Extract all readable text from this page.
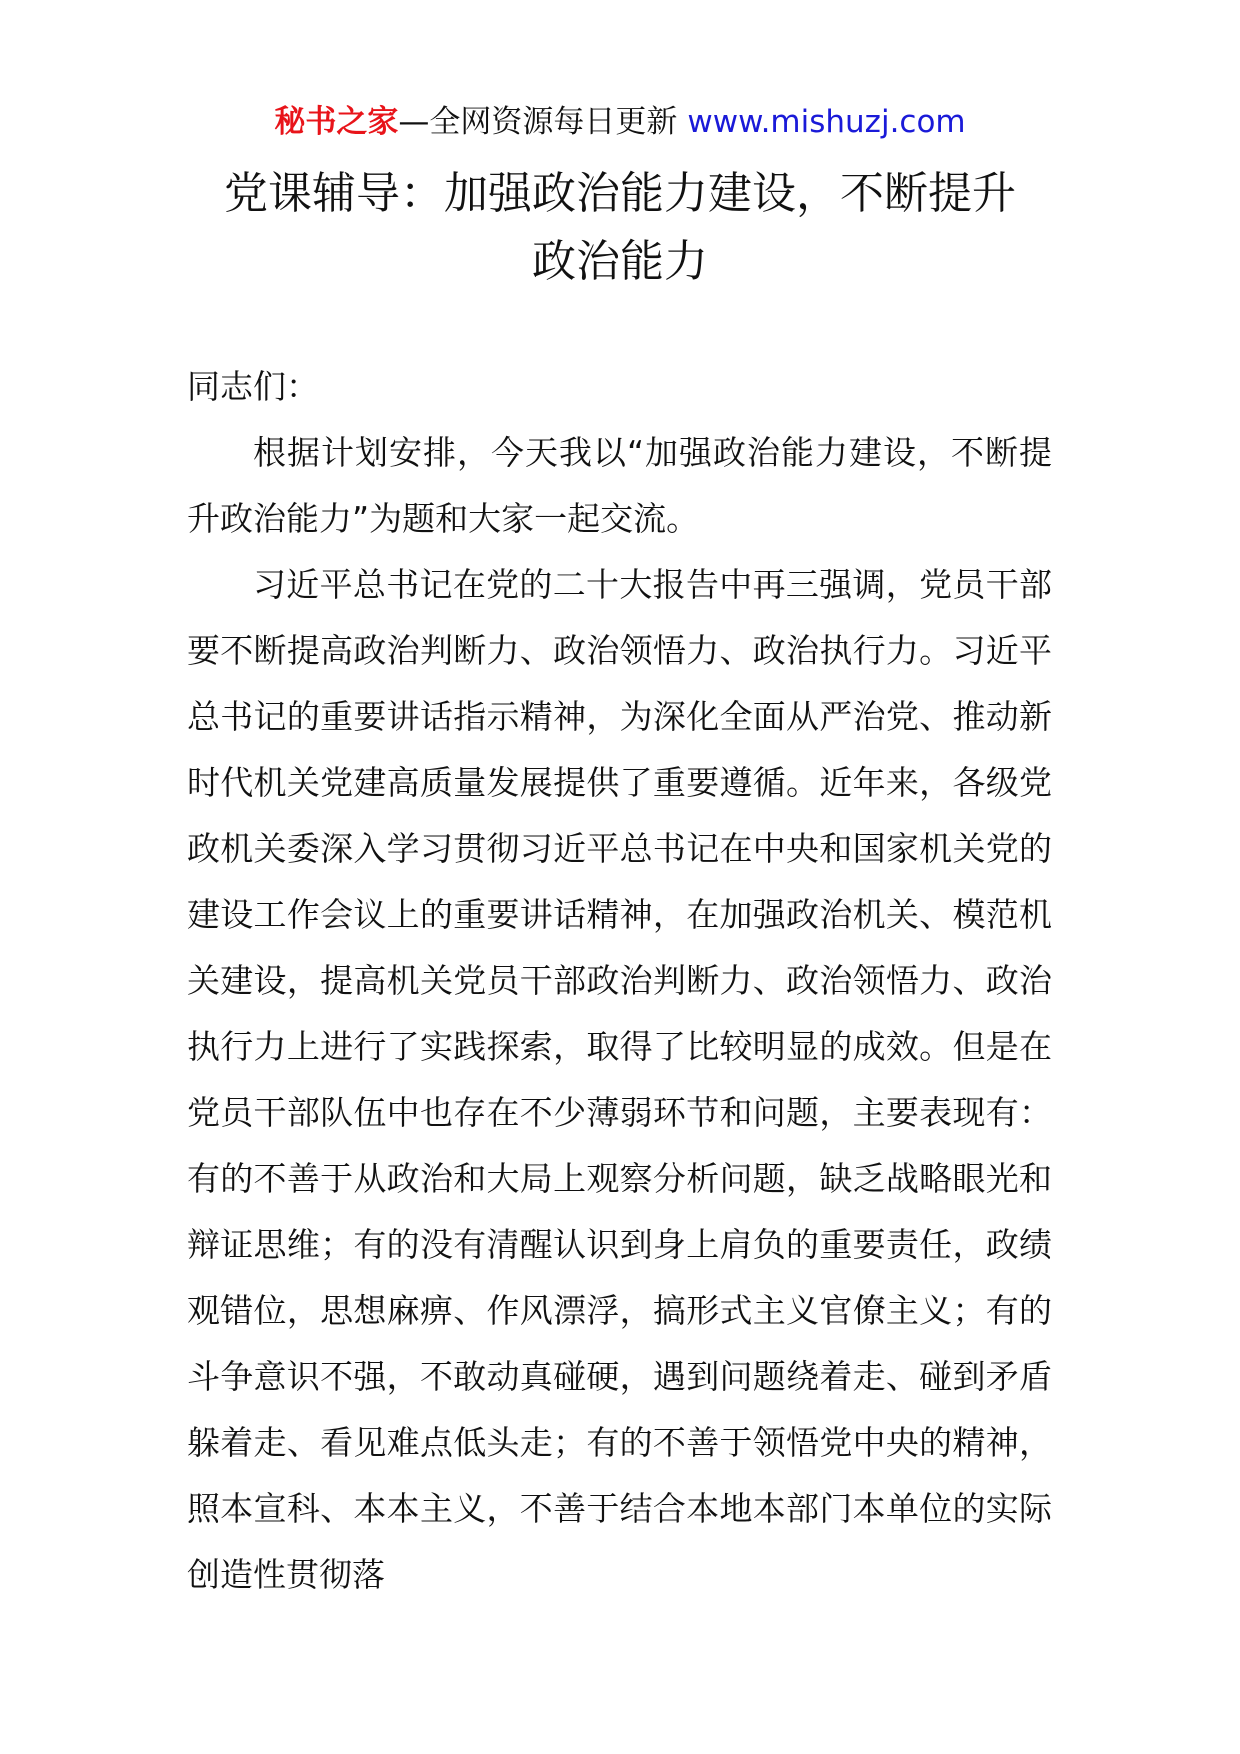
秘书之家—全网资源每日更新 www.mishuzj.com
党课辅导：加强政治能力建设，不断提升
政治能力

同志们：

根据计划安排，今天我以“加强政治能力建设，不断提升政治能力”为题和大家一起交流。

习近平总书记在党的二十大报告中再三强调，党员干部要不断提高政治判断力、政治领悟力、政治执行力。习近平总书记的重要讲话指示精神，为深化全面从严治党、推动新时代机关党建高质量发展提供了重要遵循。近年来，各级党政机关委深入学习贯彻习近平总书记在中央和国家机关党的建设工作会议上的重要讲话精神，在加强政治机关、模范机关建设，提高机关党员干部政治判断力、政治领悟力、政治执行力上进行了实践探索，取得了比较明显的成效。但是在党员干部队伍中也存在不少薄弱环节和问题，主要表现有：有的不善于从政治和大局上观察分析问题，缺乏战略眼光和辩证思维；有的没有清醒认识到身上肩负的重要责任，政绩观错位，思想麻痹、作风漂浮，搞形式主义官僚主义；有的斗争意识不强，不敢动真碰硬，遇到问题绕着走、碰到矛盾躲着走、看见难点低头走；有的不善于领悟党中央的精神，照本宣科、本本主义，不善于结合本地本部门本单位的实际创造性贯彻落
